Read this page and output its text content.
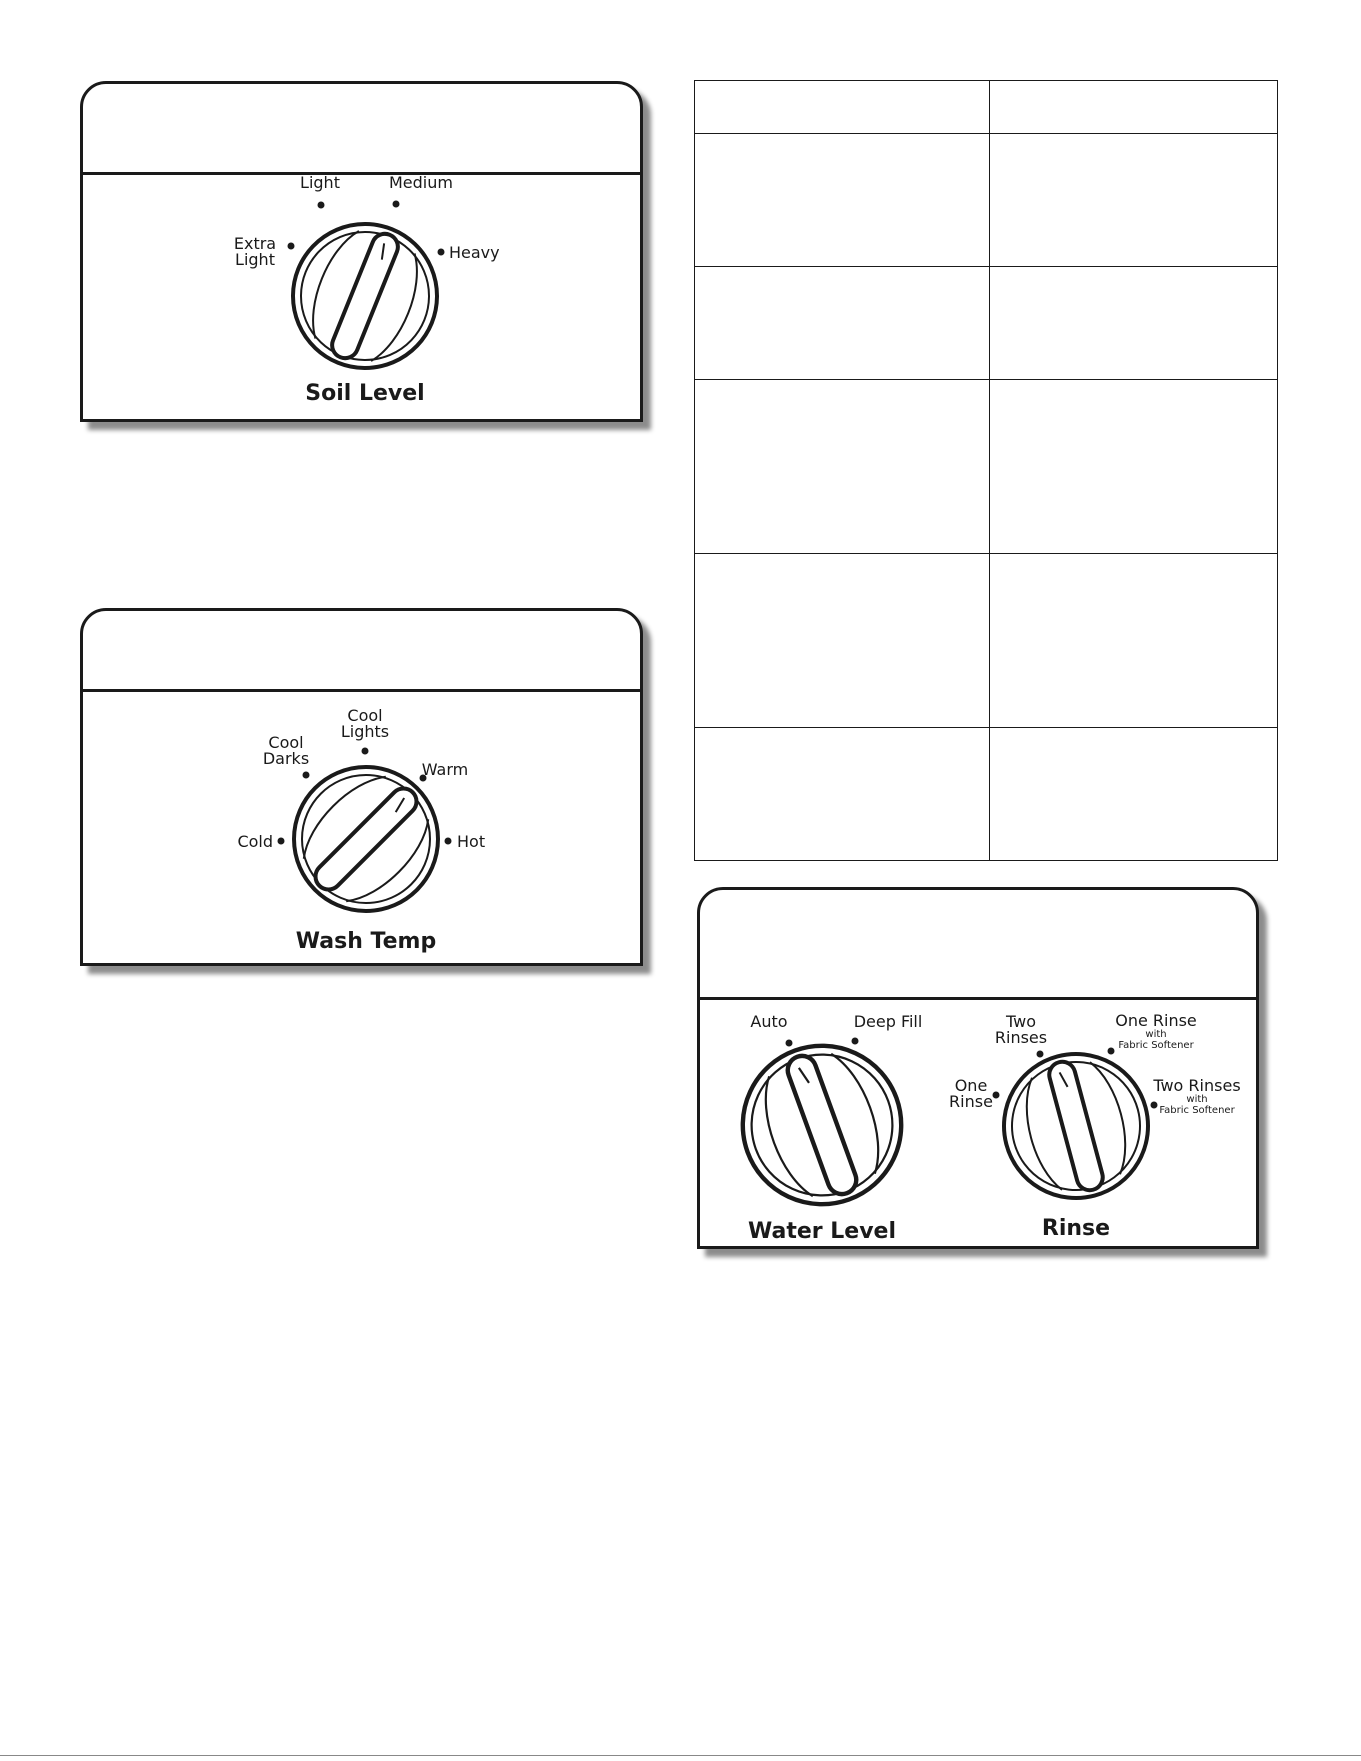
Extra Light
Light	Medium
Heavy
Soil Level
Cold
Cool Darks
Cool Lights
Warm
Hot
Wash Temp

Auto	Deep Fill
Water Level
One Rinse
Two Rinses
One Rinse
with
Fabric Softener
Two Rinses
with
Fabric Softener
Rinse
